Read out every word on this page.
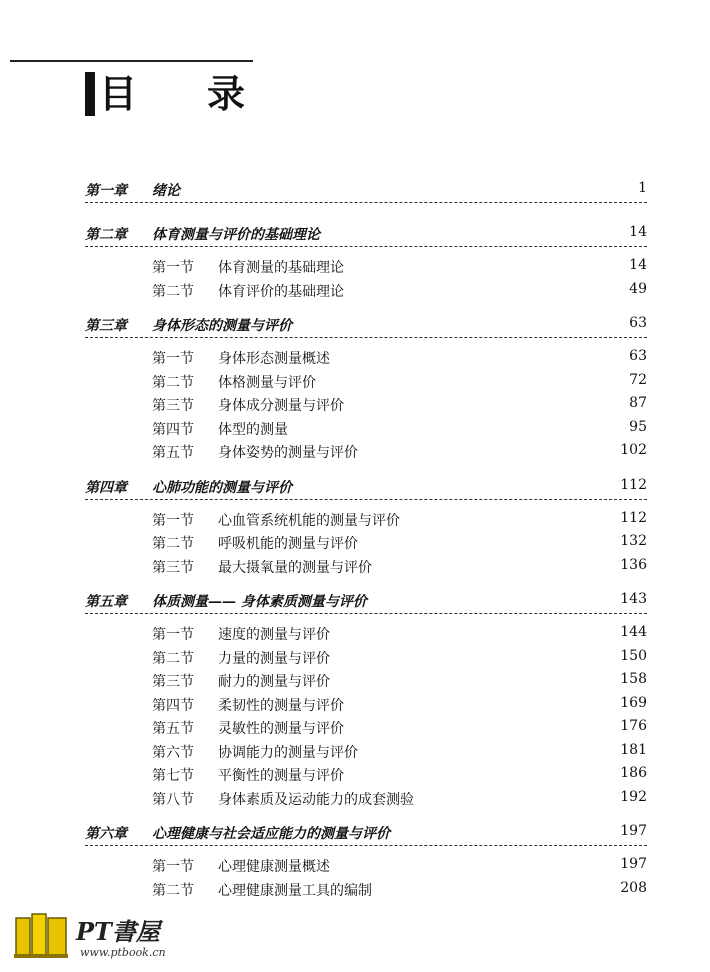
目录
第一章 绪论	1
第二章 体育测量与评价的基础理论	14
第一节 体育测量的基础理论	14
第二节 体育评价的基础理论	49
第三章 身体形态的测量与评价	63
第一节 身体形态测量概述	63
第二节 体格测量与评价	72
第三节 身体成分测量与评价	87
第四节 体型的测量	95
第五节 身体姿势的测量与评价	102
第四章 心肺功能的测量与评价	112
第一节 心血管系统机能的测量与评价	112
第二节 呼吸机能的测量与评价	132
第三节 最大摄氧量的测量与评价	136
第五章 体质测量—— 身体素质测量与评价	143
第一节 速度的测量与评价	144
第二节 力量的测量与评价	150
第三节 耐力的测量与评价	158
第四节 柔韧性的测量与评价	169
第五节 灵敏性的测量与评价	176
第六节 协调能力的测量与评价	181
第七节 平衡性的测量与评价	186
第八节 身体素质及运动能力的成套测验	192
第六章 心理健康与社会适应能力的测量与评价	197
第一节 心理健康测量概述	197
第二节 心理健康测量工具的编制	208
PT書屋
www.ptbook.cn
